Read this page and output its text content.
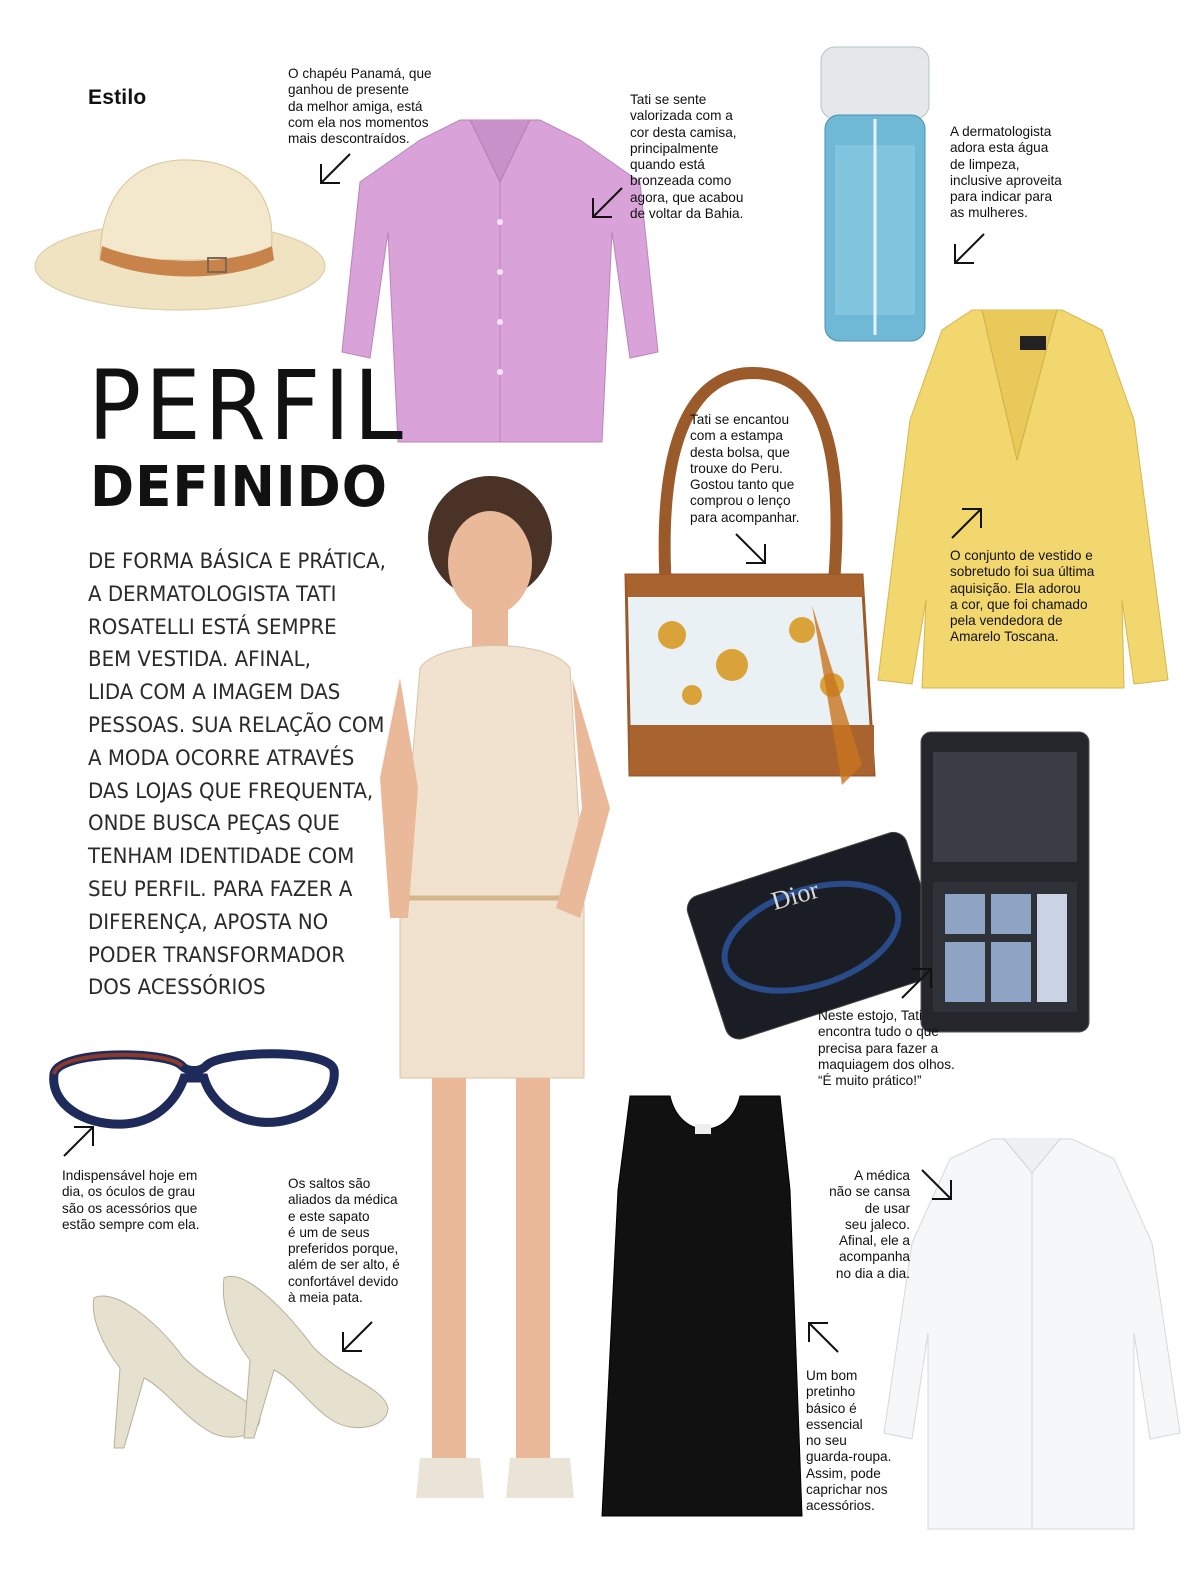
Estilo
Dior
PERFIL
DEFINIDO
DE FORMA BÁSICA E PRÁTICA,
A DERMATOLOGISTA TATI
ROSATELLI ESTÁ SEMPRE
BEM VESTIDA. AFINAL,
LIDA COM A IMAGEM DAS
PESSOAS. SUA RELAÇÃO COM
A MODA OCORRE ATRAVÉS
DAS LOJAS QUE FREQUENTA,
ONDE BUSCA PEÇAS QUE
TENHAM IDENTIDADE COM
SEU PERFIL. PARA FAZER A
DIFERENÇA, APOSTA NO
PODER TRANSFORMADOR
DOS ACESSÓRIOS
O chapéu Panamá, que
ganhou de presente
da melhor amiga, está
com ela nos momentos
mais descontraídos.
Tati se sente
valorizada com a
cor desta camisa,
principalmente
quando está
bronzeada como
agora, que acabou
de voltar da Bahia.
A dermatologista
adora esta água
de limpeza,
inclusive aproveita
para indicar para
as mulheres.
Tati se encantou
com a estampa
desta bolsa, que
trouxe do Peru.
Gostou tanto que
comprou o lenço
para acompanhar.
O conjunto de vestido e
sobretudo foi sua última
aquisição. Ela adorou
a cor, que foi chamado
pela vendedora de
Amarelo Toscana.
Neste estojo, Tati
encontra tudo o que
precisa para fazer a
maquiagem dos olhos.
“É muito prático!”
Indispensável hoje em
dia, os óculos de grau
são os acessórios que
estão sempre com ela.
Os saltos são
aliados da médica
e este sapato
é um de seus
preferidos porque,
além de ser alto, é
confortável devido
à meia pata.
A médica
não se cansa
de usar
seu jaleco.
Afinal, ele a
acompanha
no dia a dia.
Um bom
pretinho
básico é
essencial
no seu
guarda-roupa.
Assim, pode
caprichar nos
acessórios.
